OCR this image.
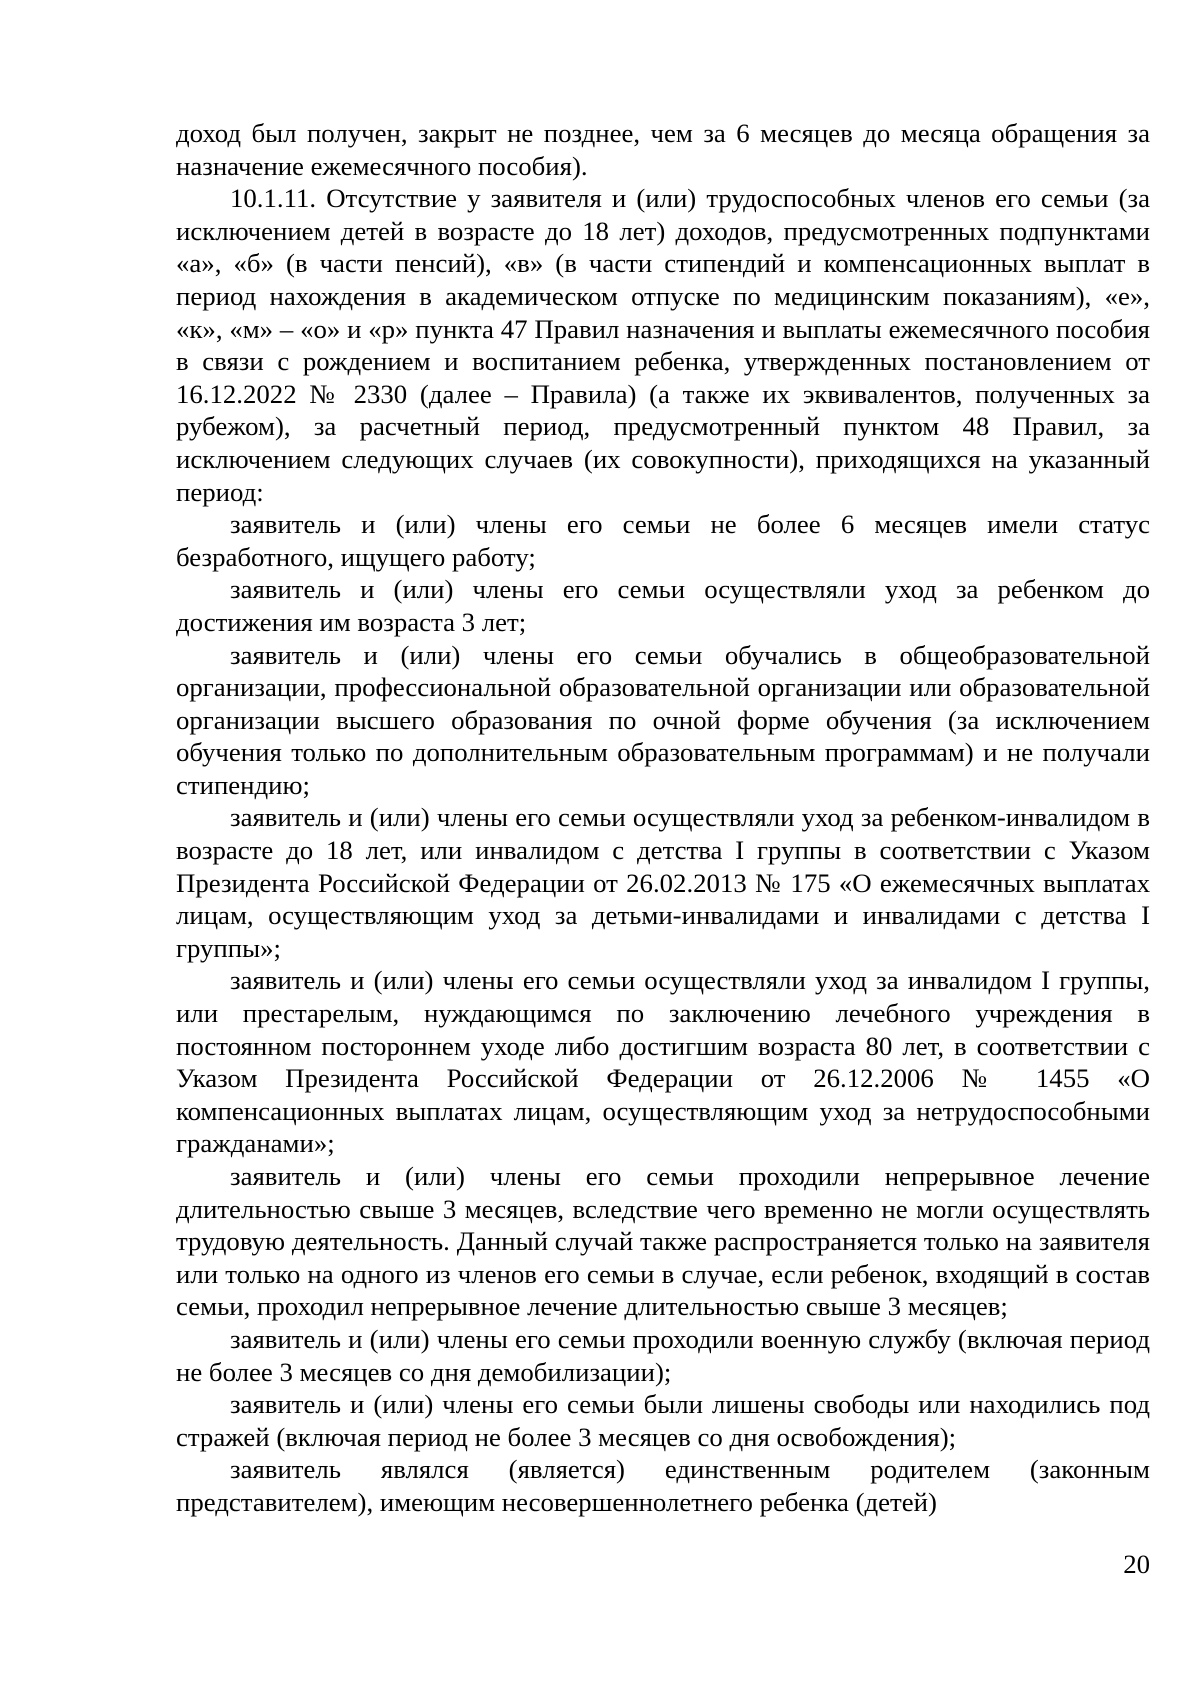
доход был получен, закрыт не позднее, чем за 6 месяцев до месяца обращения за назначение ежемесячного пособия).

10.1.11. Отсутствие у заявителя и (или) трудоспособных членов его семьи (за исключением детей в возрасте до 18 лет) доходов, предусмотренных подпунктами «а», «б» (в части пенсий), «в» (в части стипендий и компенсационных выплат в период нахождения в академическом отпуске по медицинским показаниям), «е», «к», «м» – «о» и «р» пункта 47 Правил назначения и выплаты ежемесячного пособия в связи с рождением и воспитанием ребенка, утвержденных постановлением от 16.12.2022 № 2330 (далее – Правила) (а также их эквивалентов, полученных за рубежом), за расчетный период, предусмотренный пунктом 48 Правил, за исключением следующих случаев (их совокупности), приходящихся на указанный период:

заявитель и (или) члены его семьи не более 6 месяцев имели статус безработного, ищущего работу;

заявитель и (или) члены его семьи осуществляли уход за ребенком до достижения им возраста 3 лет;

заявитель и (или) члены его семьи обучались в общеобразовательной организации, профессиональной образовательной организации или образовательной организации высшего образования по очной форме обучения (за исключением обучения только по дополнительным образовательным программам) и не получали стипендию;

заявитель и (или) члены его семьи осуществляли уход за ребенком-инвалидом в возрасте до 18 лет, или инвалидом с детства I группы в соответствии с Указом Президента Российской Федерации от 26.02.2013 № 175 «О ежемесячных выплатах лицам, осуществляющим уход за детьми-инвалидами и инвалидами с детства I группы»;

заявитель и (или) члены его семьи осуществляли уход за инвалидом I группы, или престарелым, нуждающимся по заключению лечебного учреждения в постоянном постороннем уходе либо достигшим возраста 80 лет, в соответствии с Указом Президента Российской Федерации от 26.12.2006 № 1455 «О компенсационных выплатах лицам, осуществляющим уход за нетрудоспособными гражданами»;

заявитель и (или) члены его семьи проходили непрерывное лечение длительностью свыше 3 месяцев, вследствие чего временно не могли осуществлять трудовую деятельность. Данный случай также распространяется только на заявителя или только на одного из членов его семьи в случае, если ребенок, входящий в состав семьи, проходил непрерывное лечение длительностью свыше 3 месяцев;

заявитель и (или) члены его семьи проходили военную службу (включая период не более 3 месяцев со дня демобилизации);

заявитель и (или) члены его семьи были лишены свободы или находились под стражей (включая период не более 3 месяцев со дня освобождения);

заявитель являлся (является) единственным родителем (законным представителем), имеющим несовершеннолетнего ребенка (детей)

20
